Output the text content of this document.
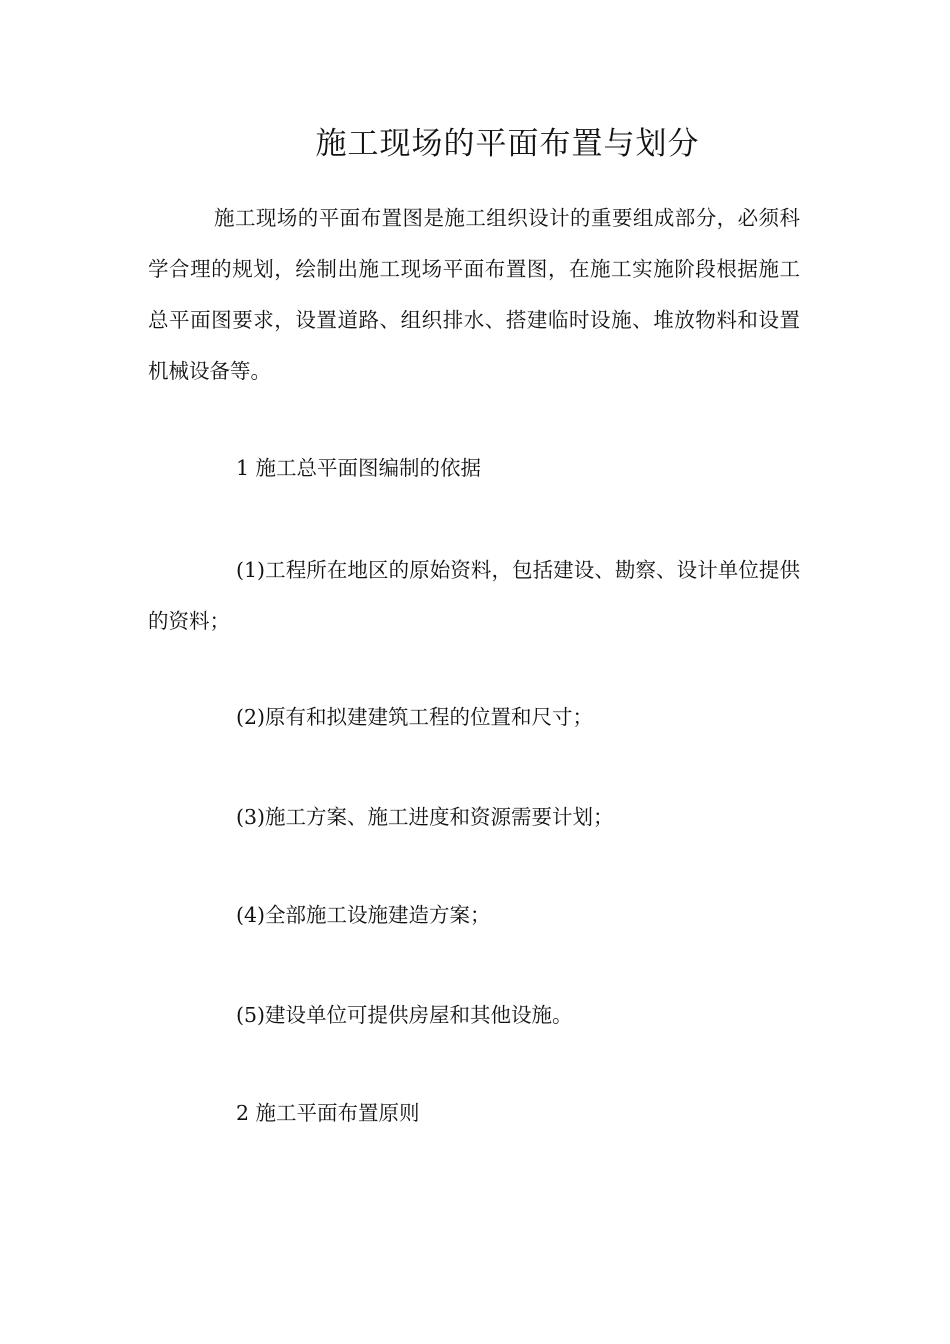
施工现场的平面布置与划分

施工现场的平面布置图是施工组织设计的重要组成部分，必须科学合理的规划，绘制出施工现场平面布置图，在施工实施阶段根据施工总平面图要求，设置道路、组织排水、搭建临时设施、堆放物料和设置机械设备等。

1 施工总平面图编制的依据

(1)工程所在地区的原始资料，包括建设、勘察、设计单位提供的资料；

(2)原有和拟建建筑工程的位置和尺寸；

(3)施工方案、施工进度和资源需要计划；

(4)全部施工设施建造方案；

(5)建设单位可提供房屋和其他设施。

2 施工平面布置原则
